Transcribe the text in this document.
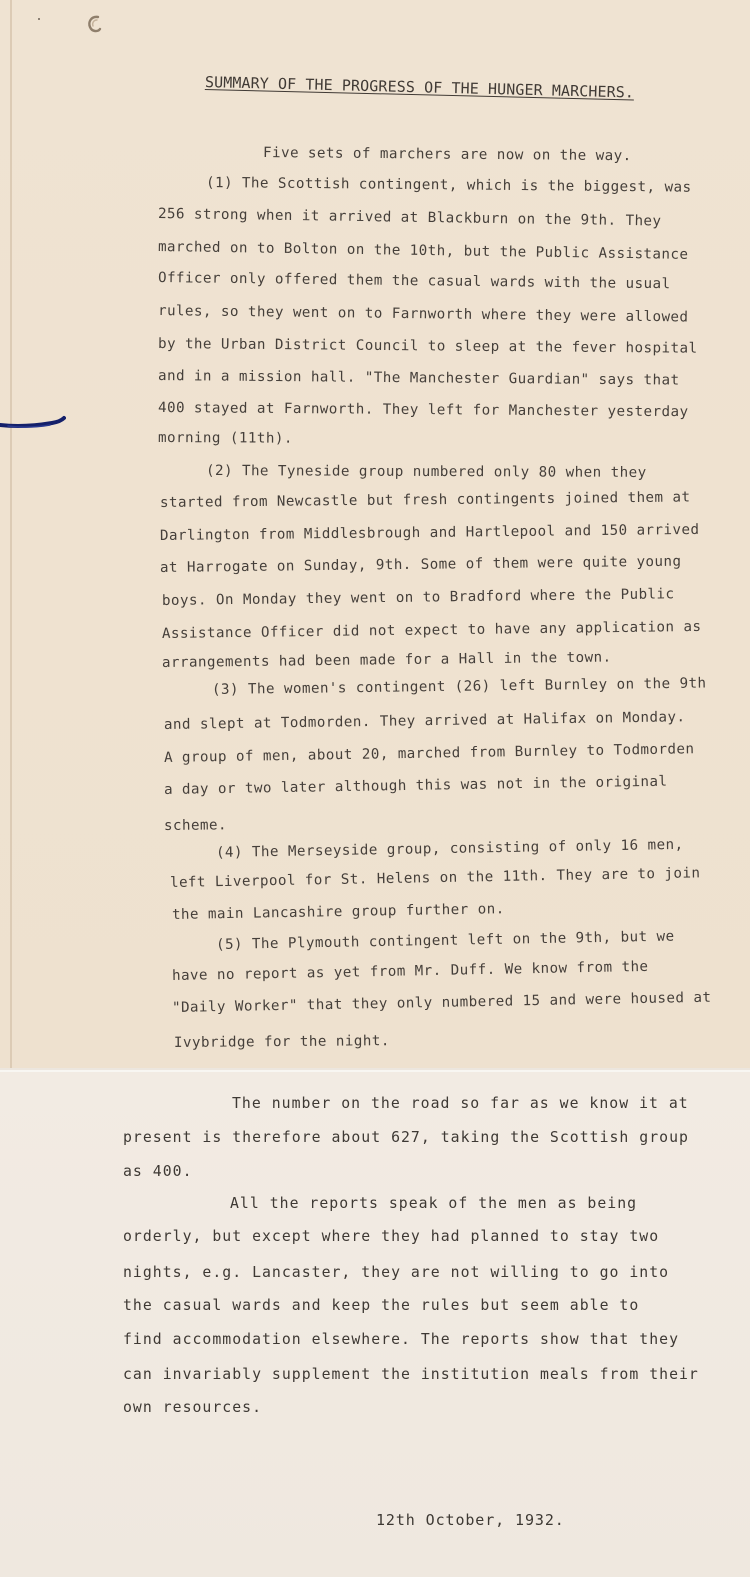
SUMMARY OF THE PROGRESS OF THE HUNGER MARCHERS.
Five sets of marchers are now on the way.
(1) The Scottish contingent, which is the biggest, was
256 strong when it arrived at Blackburn on the 9th. They
marched on to Bolton on the 10th, but the Public Assistance
Officer only offered them the casual wards with the usual
rules, so they went on to Farnworth where they were allowed
by the Urban District Council to sleep at the fever hospital
and in a mission hall. "The Manchester Guardian" says that
400 stayed at Farnworth. They left for Manchester yesterday
morning (11th).
(2) The Tyneside group numbered only 80 when they
started from Newcastle but fresh contingents joined them at
Darlington from Middlesbrough and Hartlepool and 150 arrived
at Harrogate on Sunday, 9th. Some of them were quite young
boys. On Monday they went on to Bradford where the Public
Assistance Officer did not expect to have any application as
arrangements had been made for a Hall in the town.
(3) The women's contingent (26) left Burnley on the 9th
and slept at Todmorden. They arrived at Halifax on Monday.
A group of men, about 20, marched from Burnley to Todmorden
a day or two later although this was not in the original
scheme.
(4) The Merseyside group, consisting of only 16 men,
left Liverpool for St. Helens on the 11th. They are to join
the main Lancashire group further on.
(5) The Plymouth contingent left on the 9th, but we
have no report as yet from Mr. Duff. We know from the
"Daily Worker" that they only numbered 15 and were housed at
Ivybridge for the night.
The number on the road so far as we know it at
present is therefore about 627, taking the Scottish group
as 400.
All the reports speak of the men as being
orderly, but except where they had planned to stay two
nights, e.g. Lancaster, they are not willing to go into
the casual wards and keep the rules but seem able to
find accommodation elsewhere. The reports show that they
can invariably supplement the institution meals from their
own resources.
12th October, 1932.
